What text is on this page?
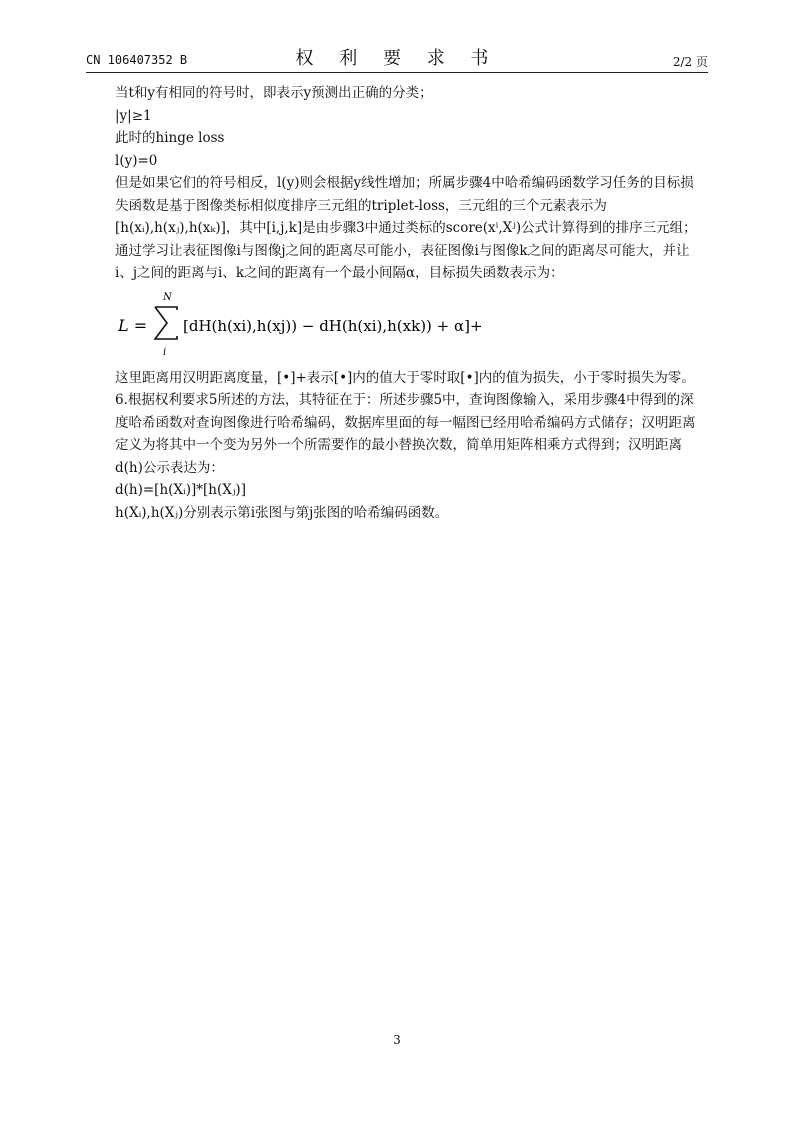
CN 106407352 B	权 利 要 求 书	2/2 页

当t和y有相同的符号时，即表示y预测出正确的分类；

|y|≥1

此时的hinge loss

l(y)=0

但是如果它们的符号相反，l(y)则会根据y线性增加；所属步骤4中哈希编码函数学习任务的目标损失函数是基于图像类标相似度排序三元组的triplet-loss，三元组的三个元素表示为[h(xᵢ),h(xⱼ),h(xₖ)]，其中[i,j,k]是由步骤3中通过类标的score(xⁱ,Xʲ)公式计算得到的排序三元组；通过学习让表征图像i与图像j之间的距离尽可能小，表征图像i与图像k之间的距离尽可能大，并让i、j之间的距离与i、k之间的距离有一个最小间隔α，目标损失函数表示为：

L =
N
i
[dH(h(xi),h(xj)) − dH(h(xi),h(xk)) + α]+

这里距离用汉明距离度量，[•]+表示[•]内的值大于零时取[•]内的值为损失，小于零时损失为零。

6.根据权利要求5所述的方法，其特征在于：所述步骤5中，查询图像输入，采用步骤4中得到的深度哈希函数对查询图像进行哈希编码，数据库里面的每一幅图已经用哈希编码方式储存；汉明距离定义为将其中一个变为另外一个所需要作的最小替换次数，简单用矩阵相乘方式得到；汉明距离d(h)公示表达为：

d(h)=[h(Xᵢ)]*[h(Xⱼ)]

h(Xᵢ),h(Xⱼ)分别表示第i张图与第j张图的哈希编码函数。

3
